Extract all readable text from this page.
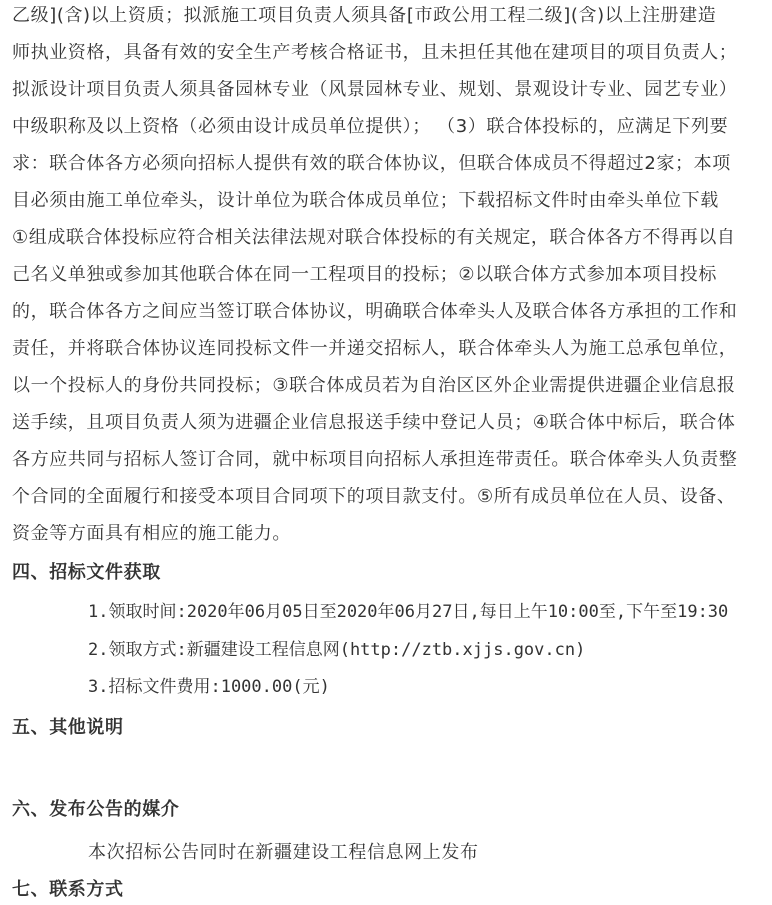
乙级](含)以上资质；拟派施工项目负责人须具备[市政公用工程二级](含)以上注册建造
师执业资格，具备有效的安全生产考核合格证书，且未担任其他在建项目的项目负责人；
拟派设计项目负责人须具备园林专业（风景园林专业、规划、景观设计专业、园艺专业）
中级职称及以上资格（必须由设计成员单位提供）； （3）联合体投标的，应满足下列要
求：联合体各方必须向招标人提供有效的联合体协议，但联合体成员不得超过2家；本项
目必须由施工单位牵头，设计单位为联合体成员单位；下载招标文件时由牵头单位下载
①组成联合体投标应符合相关法律法规对联合体投标的有关规定，联合体各方不得再以自
己名义单独或参加其他联合体在同一工程项目的投标；②以联合体方式参加本项目投标
的，联合体各方之间应当签订联合体协议，明确联合体牵头人及联合体各方承担的工作和
责任，并将联合体协议连同投标文件一并递交招标人，联合体牵头人为施工总承包单位，
以一个投标人的身份共同投标；③联合体成员若为自治区区外企业需提供进疆企业信息报
送手续，且项目负责人须为进疆企业信息报送手续中登记人员；④联合体中标后，联合体
各方应共同与招标人签订合同，就中标项目向招标人承担连带责任。联合体牵头人负责整
个合同的全面履行和接受本项目合同项下的项目款支付。⑤所有成员单位在人员、设备、
资金等方面具有相应的施工能力。
四、招标文件获取
1.领取时间:2020年06月05日至2020年06月27日,每日上午10:00至,下午至19:30
2.领取方式:新疆建设工程信息网(http://ztb.xjjs.gov.cn)
3.招标文件费用:1000.00(元)
五、其他说明
六、发布公告的媒介
本次招标公告同时在新疆建设工程信息网上发布
七、联系方式
